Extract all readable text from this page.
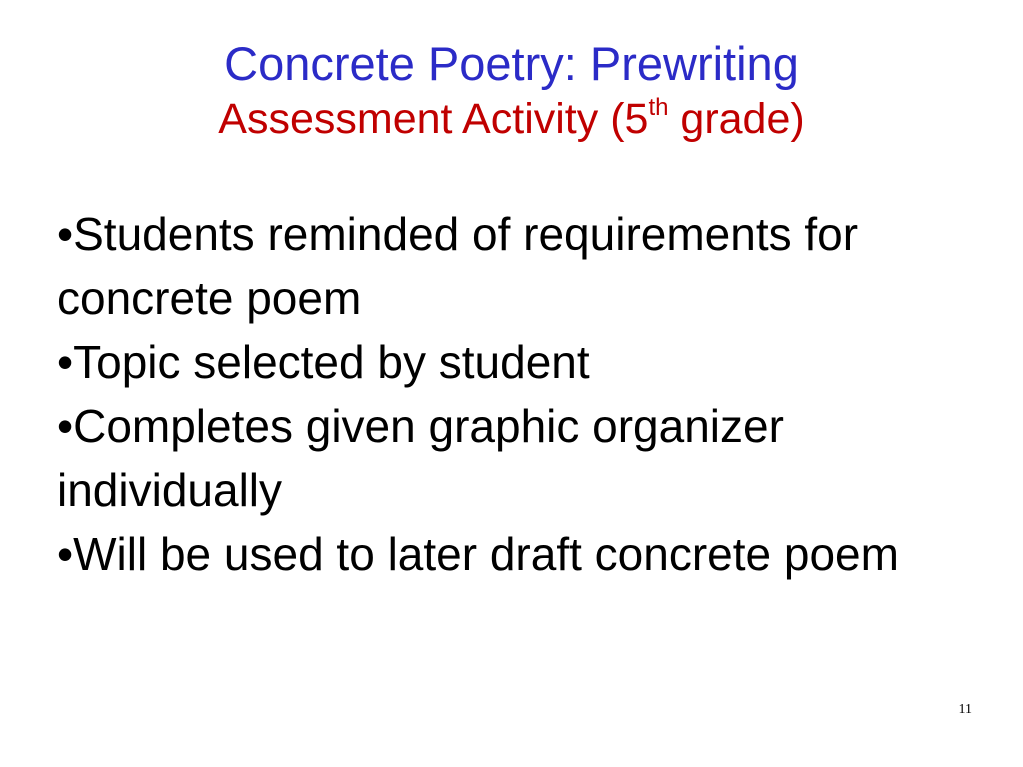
Concrete Poetry: Prewriting
Assessment Activity (5th grade)
•Students reminded of requirements for concrete poem
•Topic selected by student
•Completes given graphic organizer individually
•Will be used to later draft concrete poem
11
